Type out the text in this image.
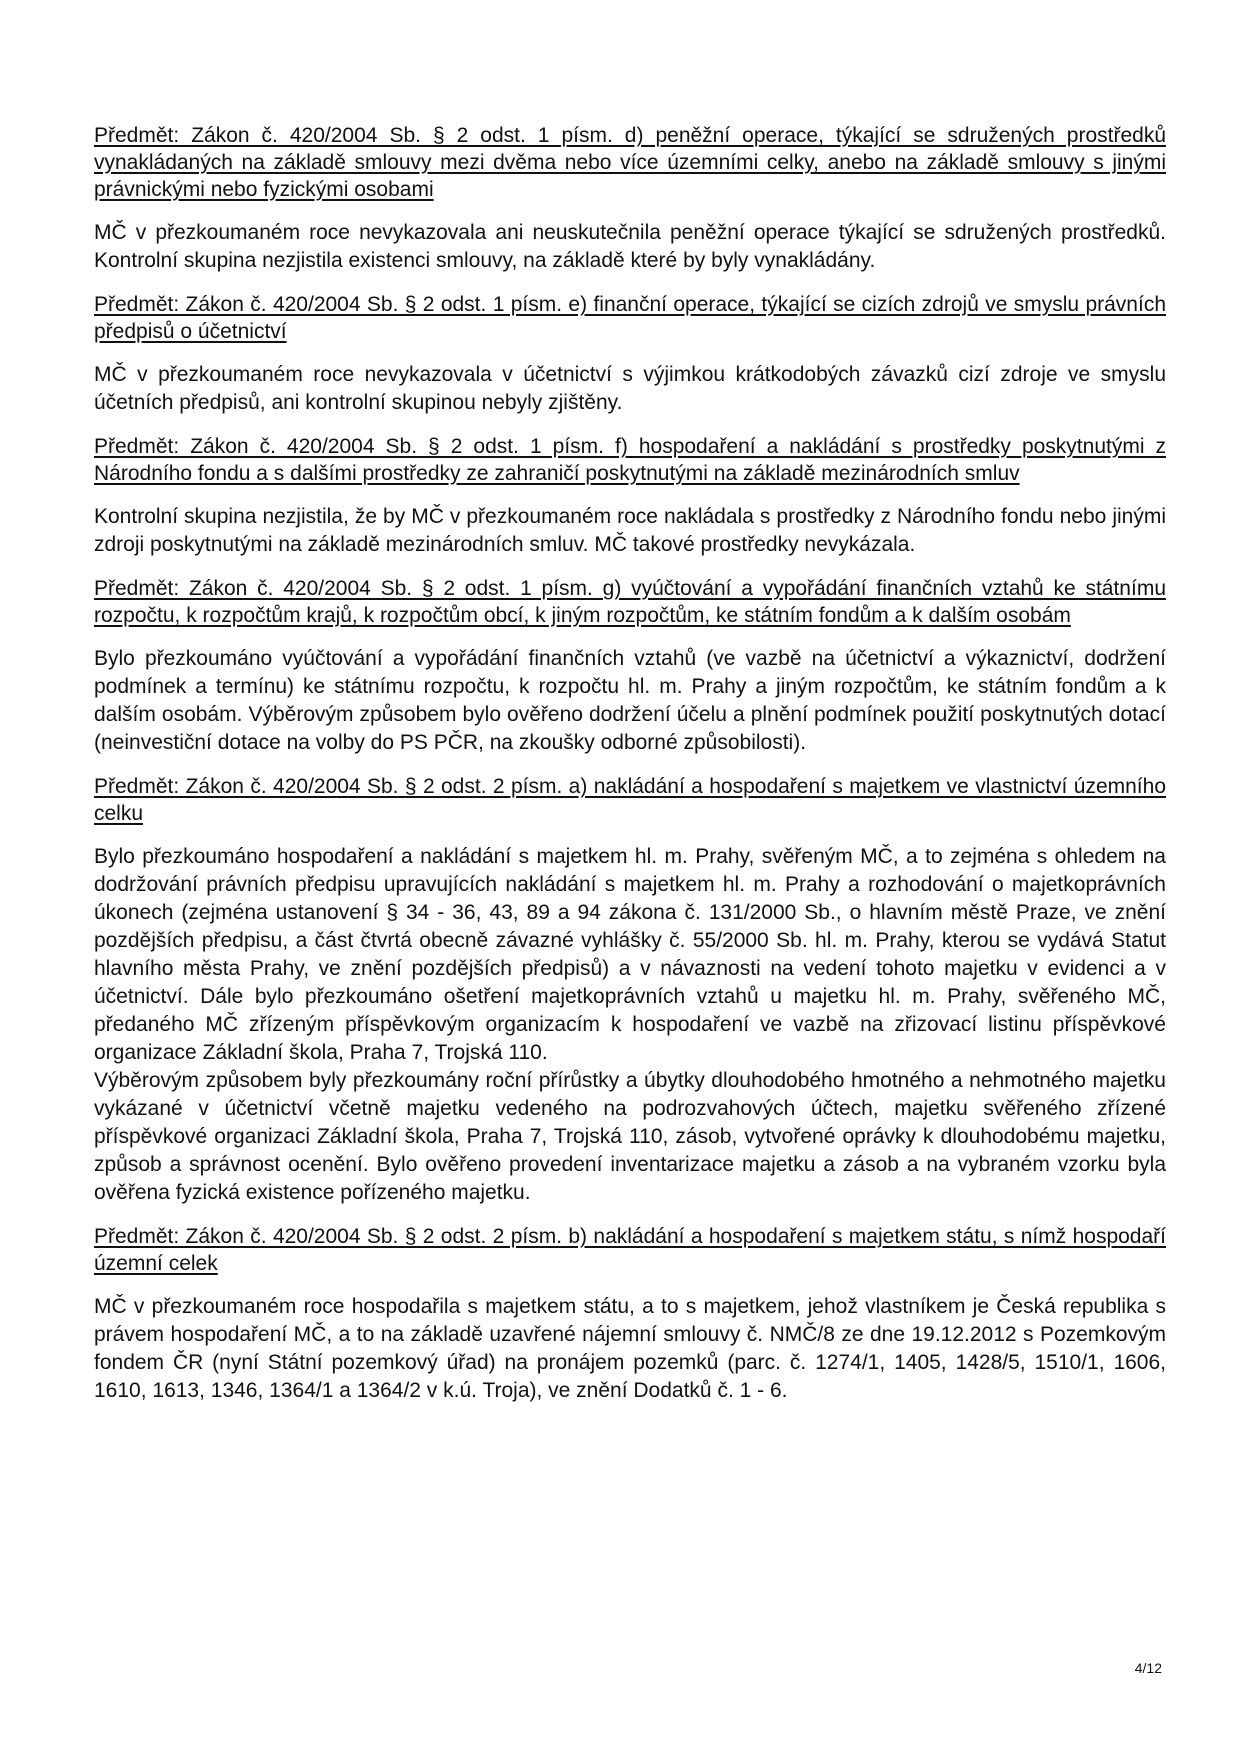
Předmět: Zákon č. 420/2004 Sb. § 2 odst. 1 písm. d) peněžní operace, týkající se sdružených prostředků vynakládaných na základě smlouvy mezi dvěma nebo více územními celky, anebo na základě smlouvy s jinými právnickými nebo fyzickými osobami
MČ v přezkoumaném roce nevykazovala ani neuskutečnila peněžní operace týkající se sdružených prostředků. Kontrolní skupina nezjistila existenci smlouvy, na základě které by byly vynakládány.
Předmět: Zákon č. 420/2004 Sb. § 2 odst. 1 písm. e) finanční operace, týkající se cizích zdrojů ve smyslu právních předpisů o účetnictví
MČ v přezkoumaném roce nevykazovala v účetnictví s výjimkou krátkodobých závazků cizí zdroje ve smyslu účetních předpisů, ani kontrolní skupinou nebyly zjištěny.
Předmět: Zákon č. 420/2004 Sb. § 2 odst. 1 písm. f) hospodaření a nakládání s prostředky poskytnutými z Národního fondu a s dalšími prostředky ze zahraničí poskytnutými na základě mezinárodních smluv
Kontrolní skupina nezjistila, že by MČ v přezkoumaném roce nakládala s prostředky z Národního fondu nebo jinými zdroji poskytnutými na základě mezinárodních smluv. MČ takové prostředky nevykázala.
Předmět: Zákon č. 420/2004 Sb. § 2 odst. 1 písm. g) vyúčtování a vypořádání finančních vztahů ke státnímu rozpočtu, k rozpočtům krajů, k rozpočtům obcí, k jiným rozpočtům, ke státním fondům a k dalším osobám
Bylo přezkoumáno vyúčtování a vypořádání finančních vztahů (ve vazbě na účetnictví a výkaznictví, dodržení podmínek a termínu) ke státnímu rozpočtu, k rozpočtu hl. m. Prahy a jiným rozpočtům, ke státním fondům a k dalším osobám. Výběrovým způsobem bylo ověřeno dodržení účelu a plnění podmínek použití poskytnutých dotací (neinvestiční dotace na volby do PS PČR, na zkoušky odborné způsobilosti).
Předmět: Zákon č. 420/2004 Sb. § 2 odst. 2 písm. a) nakládání a hospodaření s majetkem ve vlastnictví územního celku
Bylo přezkoumáno hospodaření a nakládání s majetkem hl. m. Prahy, svěřeným MČ, a to zejména s ohledem na dodržování právních předpisu upravujících nakládání s majetkem hl. m. Prahy a rozhodování o majetkoprávních úkonech (zejména ustanovení § 34 - 36, 43, 89 a 94 zákona č. 131/2000 Sb., o hlavním městě Praze, ve znění pozdějších předpisu, a část čtvrtá obecně závazné vyhlášky č. 55/2000 Sb. hl. m. Prahy, kterou se vydává Statut hlavního města Prahy, ve znění pozdějších předpisů) a v návaznosti na vedení tohoto majetku v evidenci a v účetnictví. Dále bylo přezkoumáno ošetření majetkoprávních vztahů u majetku hl. m. Prahy, svěřeného MČ, předaného MČ zřízeným příspěvkovým organizacím k hospodaření ve vazbě na zřizovací listinu příspěvkové organizace Základní škola, Praha 7, Trojská 110.
Výběrovým způsobem byly přezkoumány roční přírůstky a úbytky dlouhodobého hmotného a nehmotného majetku vykázané v účetnictví včetně majetku vedeného na podrozvahových účtech, majetku svěřeného zřízené příspěvkové organizaci Základní škola, Praha 7, Trojská 110, zásob, vytvořené oprávky k dlouhodobému majetku, způsob a správnost ocenění. Bylo ověřeno provedení inventarizace majetku a zásob a na vybraném vzorku byla ověřena fyzická existence pořízeného majetku.
Předmět: Zákon č. 420/2004 Sb. § 2 odst. 2 písm. b) nakládání a hospodaření s majetkem státu, s nímž hospodaří územní celek
MČ v přezkoumaném roce hospodařila s majetkem státu, a to s majetkem, jehož vlastníkem je Česká republika s právem hospodaření MČ, a to na základě uzavřené nájemní smlouvy č. NMČ/8 ze dne 19.12.2012 s Pozemkovým fondem ČR (nyní Státní pozemkový úřad) na pronájem pozemků (parc. č. 1274/1, 1405, 1428/5, 1510/1, 1606, 1610, 1613, 1346, 1364/1 a 1364/2 v k.ú. Troja), ve znění Dodatků č. 1 - 6.
4/12
